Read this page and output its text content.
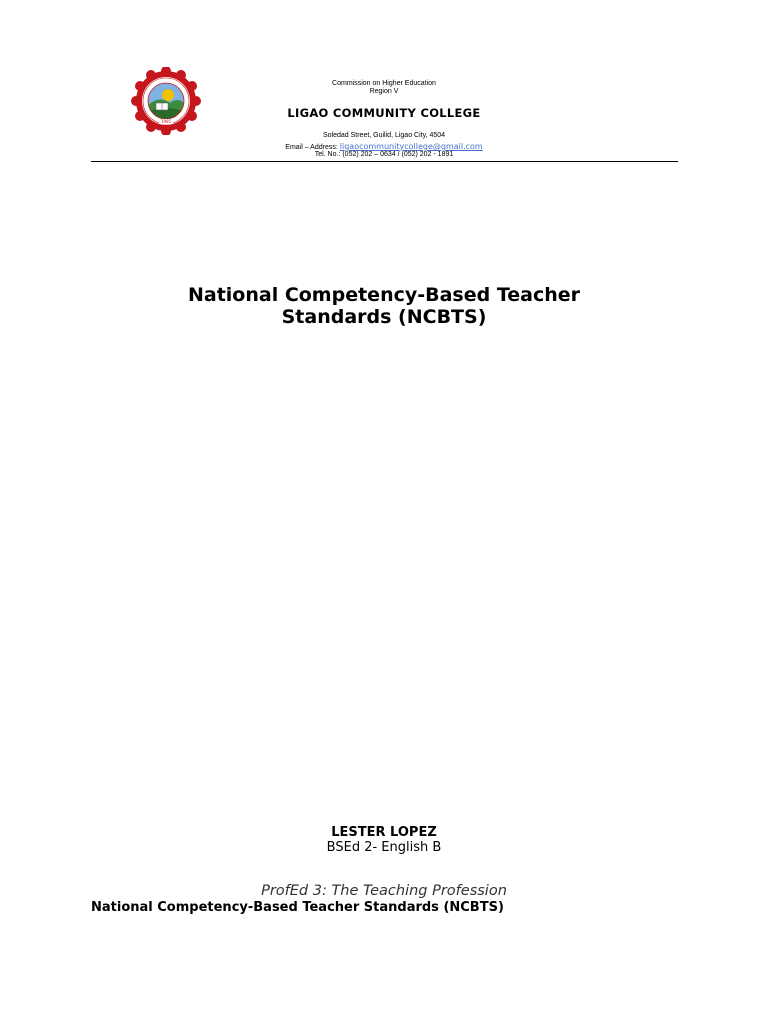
1995
Commission on Higher Education
Region V
LIGAO COMMUNITY COLLEGE
Soledad Street, Guilid, Ligao City, 4504
Email – Address: ligaocommunitycollege@gmail.com
Tel. No.: (052) 202 – 0634 / (052) 202 - 1891
National Competency-Based Teacher
Standards (NCBTS)
LESTER LOPEZ
BSEd 2- English B
ProfEd 3: The Teaching Profession
National Competency-Based Teacher Standards (NCBTS)
